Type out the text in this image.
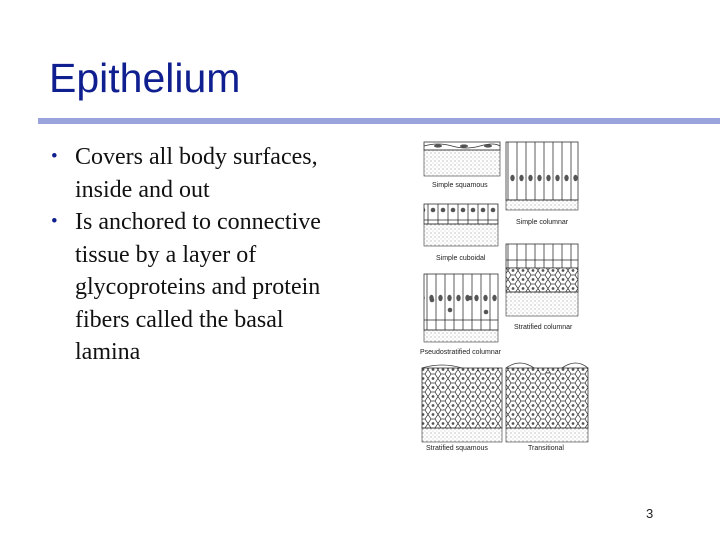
Epithelium
• Covers all body surfaces, inside and out
• Is anchored to connective tissue by a layer of glycoproteins and protein fibers called the basal lamina
Simple squamous
Simple columnar
Simple cuboidal
Stratified columnar
Pseudostratified columnar
Stratified squamous	Transitional
3
